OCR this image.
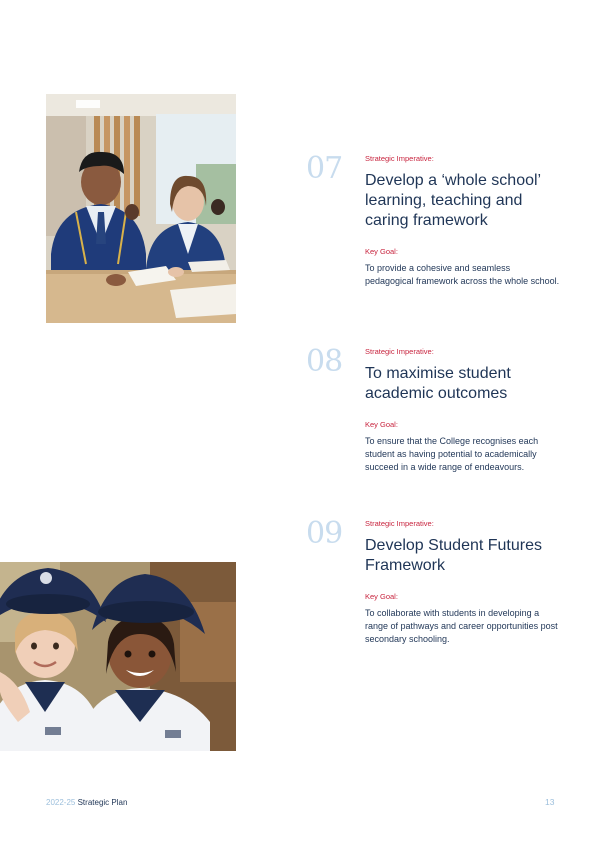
07	Strategic Imperative:

Develop a ‘whole school’ learning, teaching and caring framework

Key Goal:

To provide a cohesive and seamless pedagogical framework across the whole school.

08	Strategic Imperative:

To maximise student academic outcomes

Key Goal:

To ensure that the College recognises each student as having potential to academically succeed in a wide range of endeavours.

09	Strategic Imperative:

Develop Student Futures Framework

Key Goal:

To collaborate with students in developing a range of pathways and career opportunities post secondary schooling.

2022-25 Strategic Plan	13
